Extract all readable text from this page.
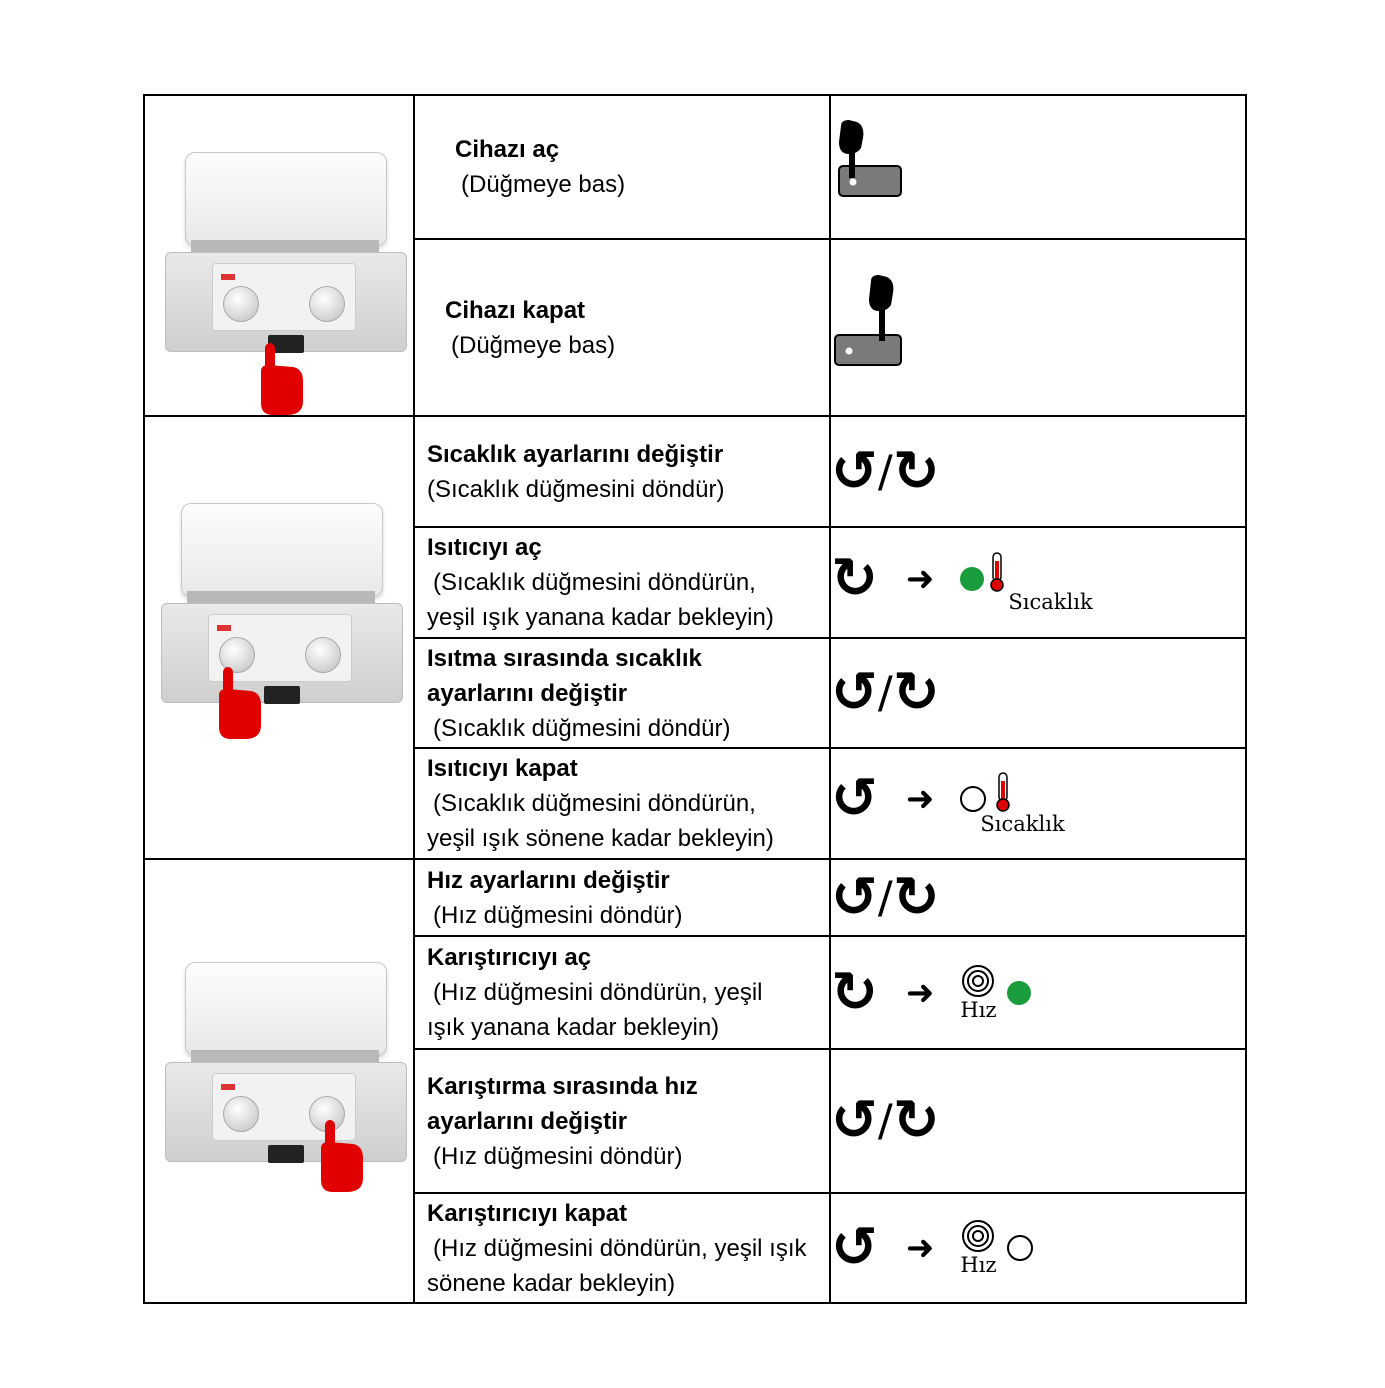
Cihazı aç
(Düğmeye bas)

	Cihazı kapat
(Düğmeye bas)

Sıcaklık ayarlarını değiştir
(Sıcaklık düğmesini döndür)	↺/↻

	Isıtıcıyı aç
(Sıcaklık düğmesini döndürün,
yeşil ışık yanana kadar bekleyin)	↻ ➜Sıcaklık

	Isıtma sırasında sıcaklık
ayarlarını değiştir
(Sıcaklık düğmesini döndür)	↺/↻

	Isıtıcıyı kapat
(Sıcaklık düğmesini döndürün,
yeşil ışık sönene kadar bekleyin)	↺ ➜Sıcaklık

Hız ayarlarını değiştir
(Hız düğmesini döndür)	↺/↻

	Karıştırıcıyı aç
(Hız düğmesini döndürün, yeşil
ışık yanana kadar bekleyin)	↻ ➜ Hız

	Karıştırma sırasında hız
ayarlarını değiştir
(Hız düğmesini döndür)	↺/↻

	Karıştırıcıyı kapat
(Hız düğmesini döndürün, yeşil ışık
sönene kadar bekleyin)	↺ ➜ Hız
